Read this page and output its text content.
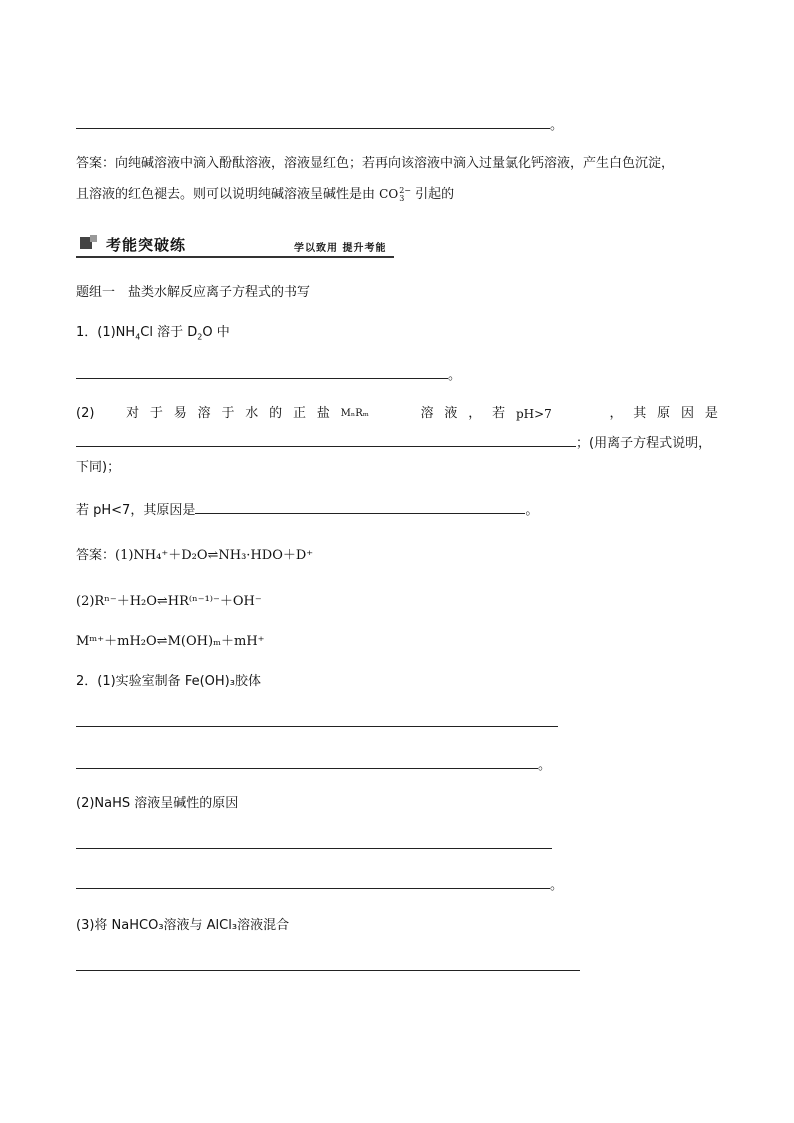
。
答案：向纯碱溶液中滴入酚酞溶液，溶液显红色；若再向该溶液中滴入过量氯化钙溶液，产生白色沉淀，
且溶液的红色褪去。则可以说明纯碱溶液呈碱性是由 CO 2−
3 引起的
考能突破练	学以致用 提升考能
题组一　盐类水解反应离子方程式的书写
1．$(1)NH_4Cl$ 溶于 $D_2O$ 中
。
(2) 对 于 易 溶 于 水 的 正 盐 MₙRₘ	溶 液 ， 若 pH>7	， 其 原 因 是
；(用离子方程式说明，
下同)；
若 pH<7，其原因是	。
答案：(1)NH₄⁺＋D₂O⇌NH₃·HDO＋D⁺
(2)Rⁿ⁻＋H₂O⇌HR⁽ⁿ⁻¹⁾⁻＋OH⁻
Mᵐ⁺＋mH₂O⇌M(OH)ₘ＋mH⁺
2．(1)实验室制备 Fe(OH)₃胶体
。
(2)NaHS 溶液呈碱性的原因
。
(3)将 NaHCO₃溶液与 AlCl₃溶液混合
